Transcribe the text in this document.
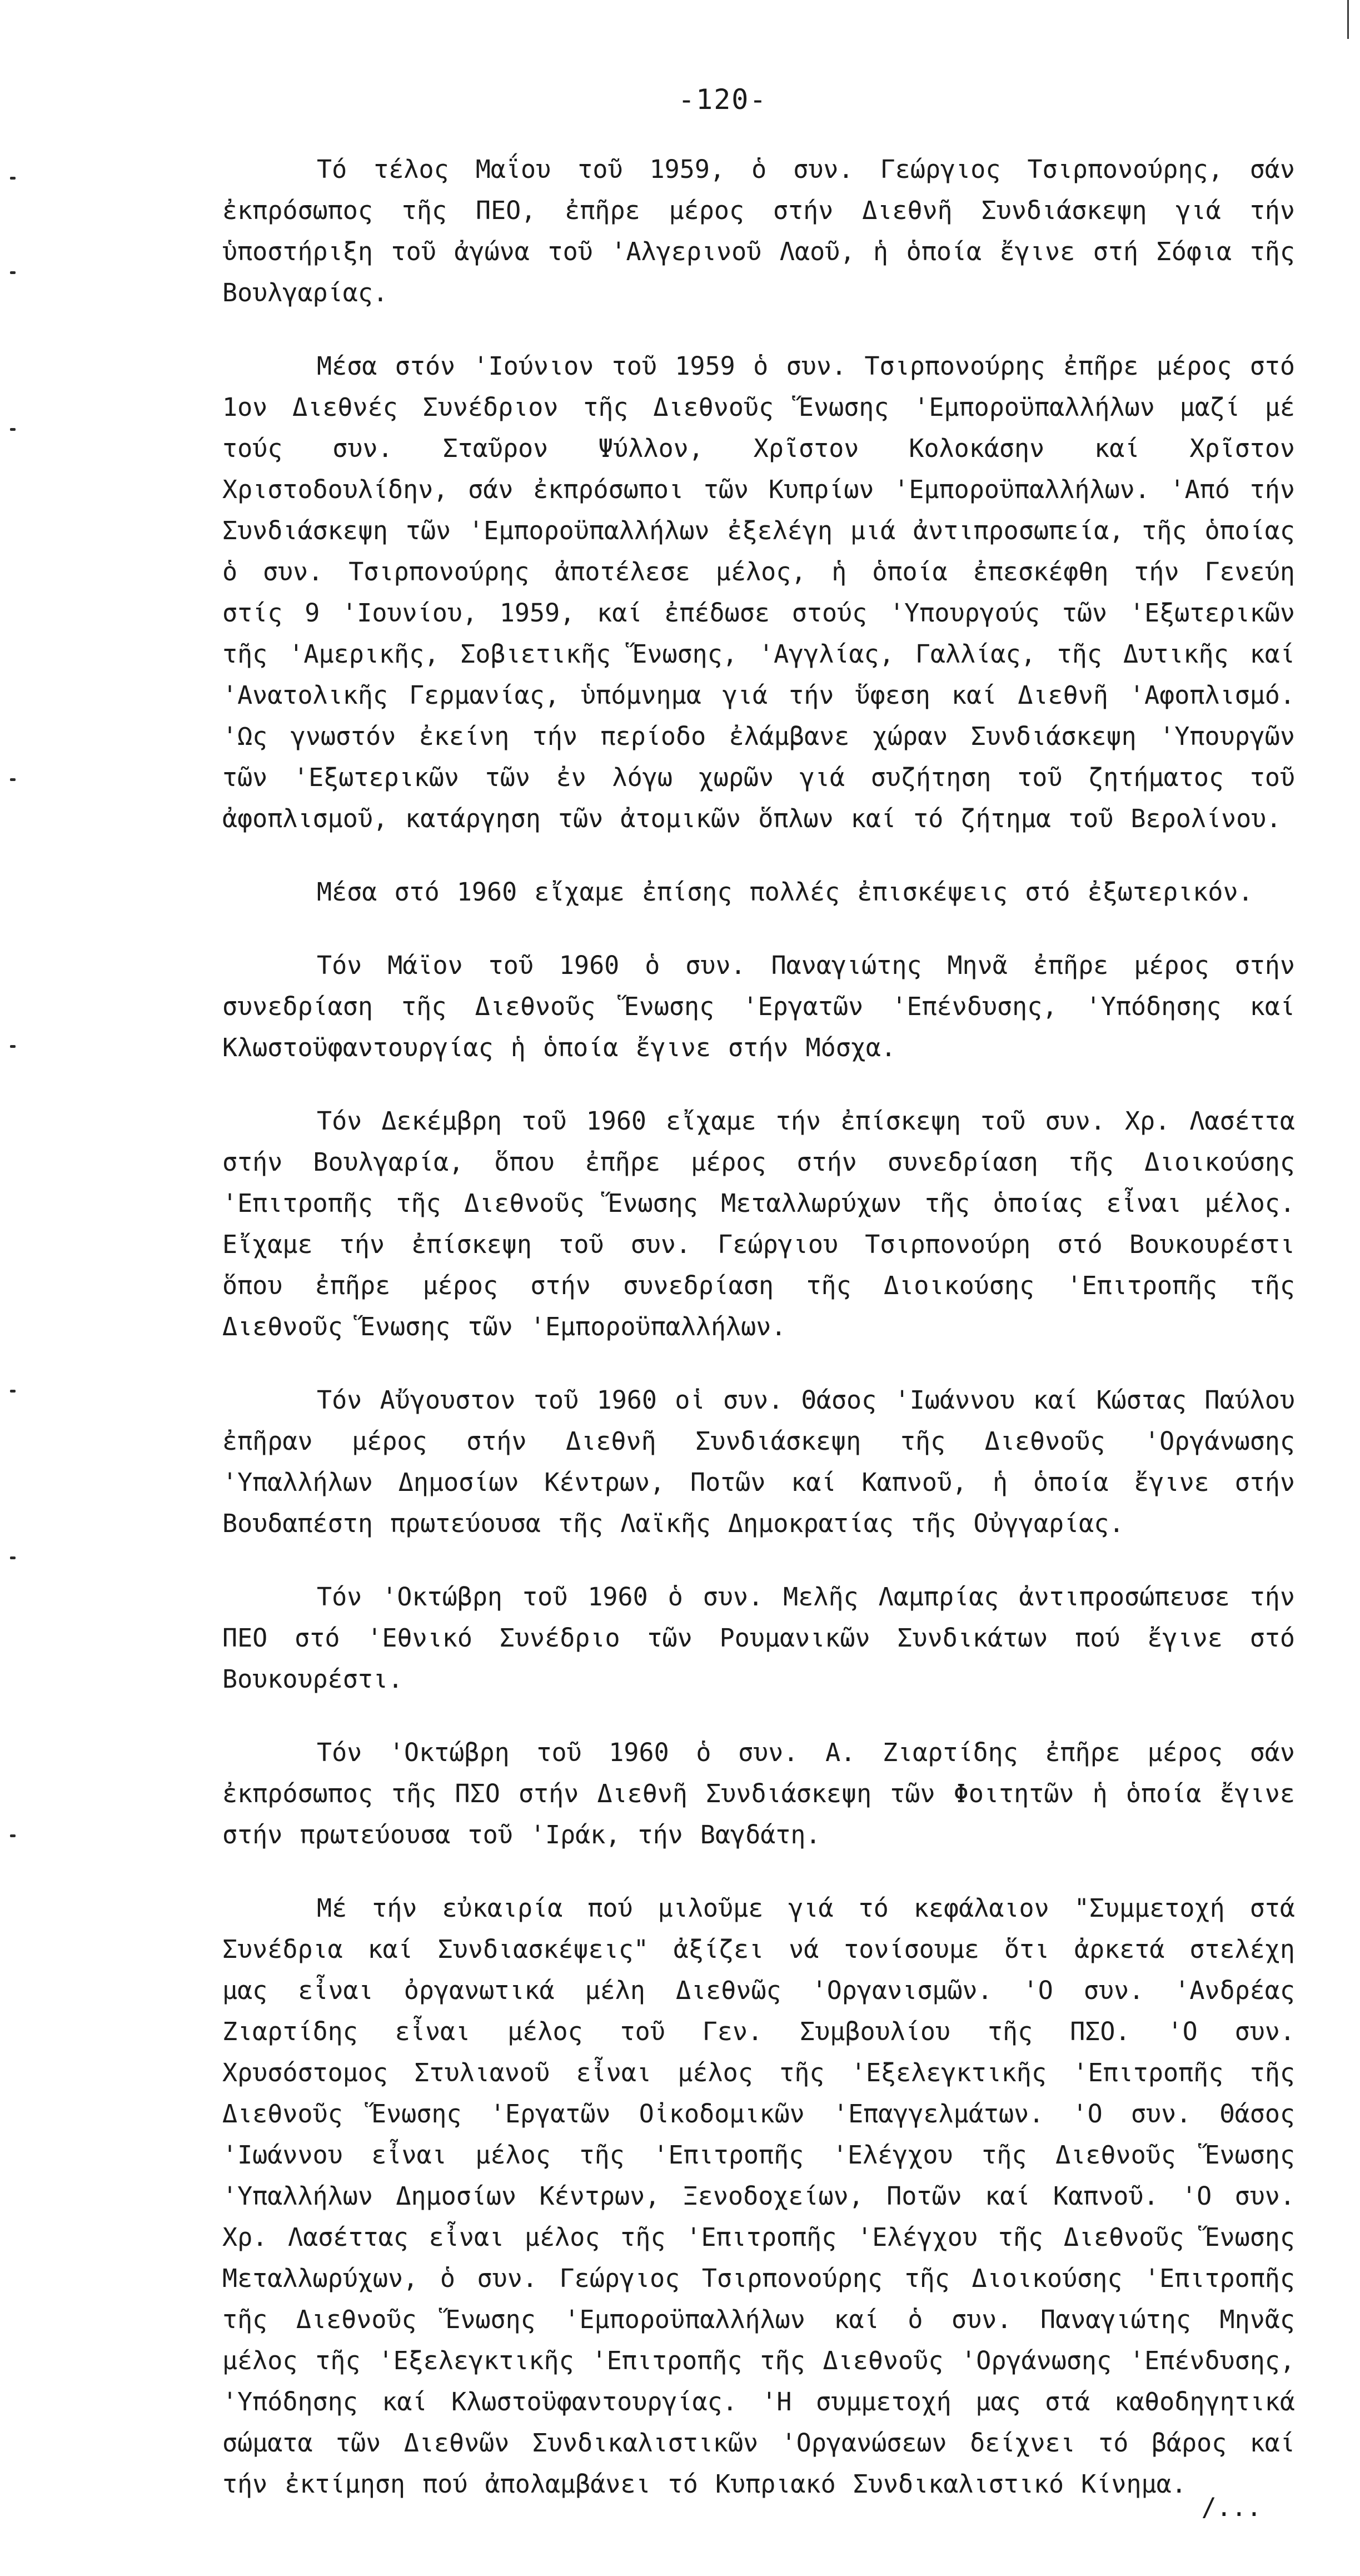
-120-

Τό τέλος Μαΐου τοῦ 1959, ὁ συν. Γεώργιος Τσιρπονούρης, σάν ἐκπρόσωπος τῆς ΠΕΟ, ἐπῆρε μέρος στήν Διεθνῆ Συνδιάσκεψη γιά τήν ὑποστήριξη τοῦ ἀγώνα τοῦ 'Αλγερινοῦ Λαοῦ, ἡ ὁποία ἔγινε στή Σόφια τῆς Βουλγαρίας.

Μέσα στόν 'Ιούνιον τοῦ 1959 ὁ συν. Τσιρπονούρης ἐπῆρε μέρος στό 1ον Διεθνές Συνέδριον τῆς Διεθνοῦς Ἕνωσης 'Εμποροϋπαλλήλων μαζί μέ τούς συν. Σταῦρον Ψύλλον, Χρῖστον Κολοκάσην καί Χρῖστον Χριστοδουλίδην, σάν ἐκπρόσωποι τῶν Κυπρίων 'Εμποροϋπαλλήλων. 'Από τήν Συνδιάσκεψη τῶν 'Εμποροϋπαλλήλων ἐξελέγη μιά ἀντιπροσωπεία, τῆς ὁποίας ὁ συν. Τσιρπονούρης ἀποτέλεσε μέλος, ἡ ὁποία ἐπεσκέφθη τήν Γενεύη στίς 9 'Ιουνίου, 1959, καί ἐπέδωσε στούς 'Υπουργούς τῶν 'Εξωτερικῶν τῆς 'Αμερικῆς, Σοβιετικῆς Ἕνωσης, 'Αγγλίας, Γαλλίας, τῆς Δυτικῆς καί 'Ανατολικῆς Γερμανίας, ὑπόμνημα γιά τήν ὕφεση καί Διεθνῆ 'Αφοπλισμό. 'Ως γνωστόν ἐκείνη τήν περίοδο ἐλάμβανε χώραν Συνδιάσκεψη 'Υπουργῶν τῶν 'Εξωτερικῶν τῶν ἐν λόγω χωρῶν γιά συζήτηση τοῦ ζητήματος τοῦ ἀφοπλισμοῦ, κατάργηση τῶν ἀτομικῶν ὅπλων καί τό ζήτημα τοῦ Βερολίνου.

Μέσα στό 1960 εἴχαμε ἐπίσης πολλές ἐπισκέψεις στό ἐξωτερικόν.

Τόν Μάϊον τοῦ 1960 ὁ συν. Παναγιώτης Μηνᾶ ἐπῆρε μέρος στήν συνεδρίαση τῆς Διεθνοῦς Ἕνωσης 'Εργατῶν 'Επένδυσης, 'Υπόδησης καί Κλωστοϋφαντουργίας ἡ ὁποία ἔγινε στήν Μόσχα.

Τόν Δεκέμβρη τοῦ 1960 εἴχαμε τήν ἐπίσκεψη τοῦ συν. Χρ. Λασέττα στήν Βουλγαρία, ὅπου ἐπῆρε μέρος στήν συνεδρίαση τῆς Διοικούσης 'Επιτροπῆς τῆς Διεθνοῦς Ἕνωσης Μεταλλωρύχων τῆς ὁποίας εἶναι μέλος. Εἴχαμε τήν ἐπίσκεψη τοῦ συν. Γεώργιου Τσιρπονούρη στό Βουκουρέστι ὅπου ἐπῆρε μέρος στήν συνεδρίαση τῆς Διοικούσης 'Επιτροπῆς τῆς Διεθνοῦς Ἕνωσης τῶν 'Εμποροϋπαλλήλων.

Τόν Αὔγουστον τοῦ 1960 οἱ συν. Θάσος 'Ιωάννου καί Κώστας Παύλου ἐπῆραν μέρος στήν Διεθνῆ Συνδιάσκεψη τῆς Διεθνοῦς 'Οργάνωσης 'Υπαλλήλων Δημοσίων Κέντρων, Ποτῶν καί Καπνοῦ, ἡ ὁποία ἔγινε στήν Βουδαπέστη πρωτεύουσα τῆς Λαϊκῆς Δημοκρατίας τῆς Οὐγγαρίας.

Τόν 'Οκτώβρη τοῦ 1960 ὁ συν. Μελῆς Λαμπρίας ἀντιπροσώπευσε τήν ΠΕΟ στό 'Εθνικό Συνέδριο τῶν Ρουμανικῶν Συνδικάτων πού ἔγινε στό Βουκουρέστι.

Τόν 'Οκτώβρη τοῦ 1960 ὁ συν. Α. Ζιαρτίδης ἐπῆρε μέρος σάν ἐκπρόσωπος τῆς ΠΣΟ στήν Διεθνῆ Συνδιάσκεψη τῶν Φοιτητῶν ἡ ὁποία ἔγινε στήν πρωτεύουσα τοῦ 'Ιράκ, τήν Βαγδάτη.

Μέ τήν εὐκαιρία πού μιλοῦμε γιά τό κεφάλαιον "Συμμετοχή στά Συνέδρια καί Συνδιασκέψεις" ἀξίζει νά τονίσουμε ὅτι ἀρκετά στελέχη μας εἶναι ὀργανωτικά μέλη Διεθνῶς 'Οργανισμῶν. 'Ο συν. 'Ανδρέας Ζιαρτίδης εἶναι μέλος τοῦ Γεν. Συμβουλίου τῆς ΠΣΟ. 'Ο συν. Χρυσόστομος Στυλιανοῦ εἶναι μέλος τῆς 'Εξελεγκτικῆς 'Επιτροπῆς τῆς Διεθνοῦς Ἕνωσης 'Εργατῶν Οἰκοδομικῶν 'Επαγγελμάτων. 'Ο συν. Θάσος 'Ιωάννου εἶναι μέλος τῆς 'Επιτροπῆς 'Ελέγχου τῆς Διεθνοῦς Ἕνωσης 'Υπαλλήλων Δημοσίων Κέντρων, Ξενοδοχείων, Ποτῶν καί Καπνοῦ. 'Ο συν. Χρ. Λασέττας εἶναι μέλος τῆς 'Επιτροπῆς 'Ελέγχου τῆς Διεθνοῦς Ἕνωσης Μεταλλωρύχων, ὁ συν. Γεώργιος Τσιρπονούρης τῆς Διοικούσης 'Επιτροπῆς τῆς Διεθνοῦς Ἕνωσης 'Εμποροϋπαλλήλων καί ὁ συν. Παναγιώτης Μηνᾶς μέλος τῆς 'Εξελεγκτικῆς 'Επιτροπῆς τῆς Διεθνοῦς 'Οργάνωσης 'Επένδυσης, 'Υπόδησης καί Κλωστοϋφαντουργίας. 'Η συμμετοχή μας στά καθοδηγητικά σώματα τῶν Διεθνῶν Συνδικαλιστικῶν 'Οργανώσεων δείχνει τό βάρος καί τήν ἐκτίμηση πού ἀπολαμβάνει τό Κυπριακό Συνδικαλιστικό Κίνημα.

/...
